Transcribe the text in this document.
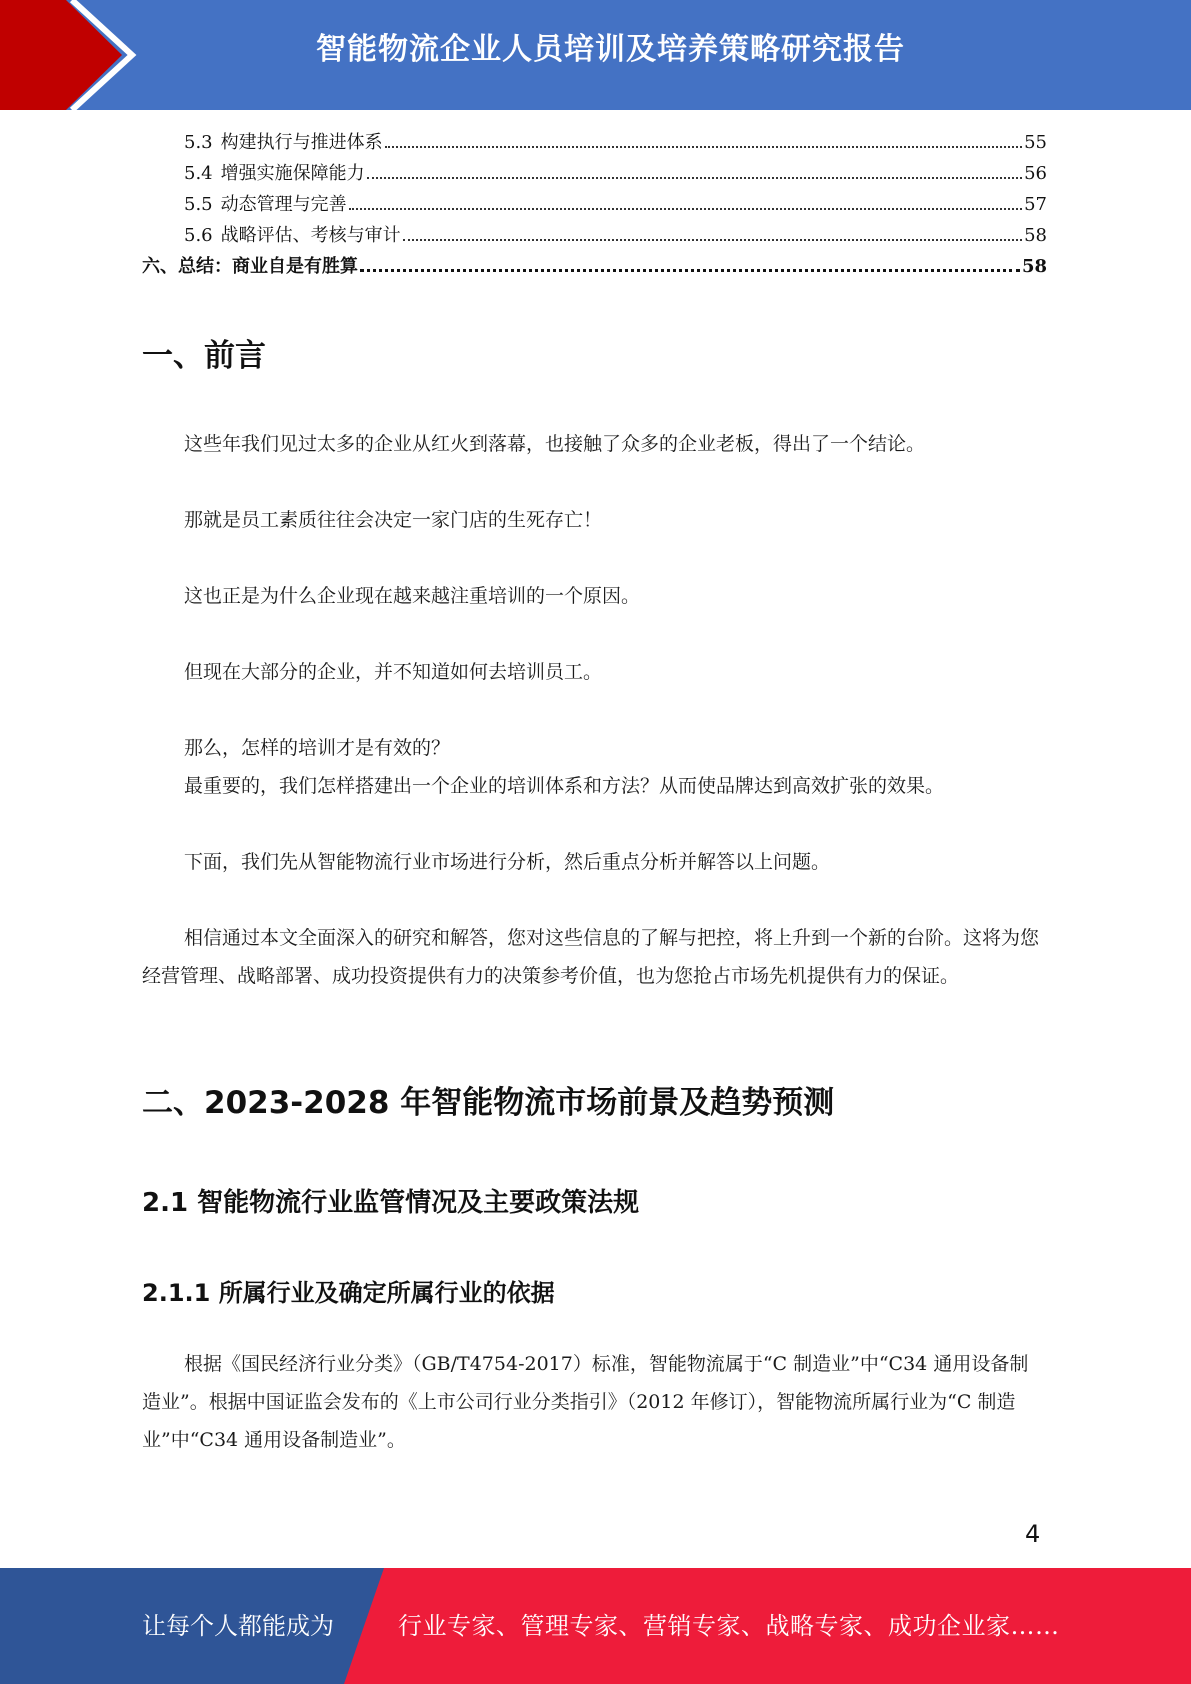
智能物流企业人员培训及培养策略研究报告
5.3 构建执行与推进体系	55
5.4 增强实施保障能力	56
5.5 动态管理与完善	57
5.6 战略评估、考核与审计	58
六、总结：商业自是有胜算	58
一、前言

这些年我们见过太多的企业从红火到落幕，也接触了众多的企业老板，得出了一个结论。

那就是员工素质往往会决定一家门店的生死存亡！

这也正是为什么企业现在越来越注重培训的一个原因。

但现在大部分的企业，并不知道如何去培训员工。

那么，怎样的培训才是有效的？

最重要的，我们怎样搭建出一个企业的培训体系和方法？从而使品牌达到高效扩张的效果。

下面，我们先从智能物流行业市场进行分析，然后重点分析并解答以上问题。

相信通过本文全面深入的研究和解答，您对这些信息的了解与把控，将上升到一个新的台阶。这将为您经营管理、战略部署、成功投资提供有力的决策参考价值，也为您抢占市场先机提供有力的保证。

二、2023-2028 年智能物流市场前景及趋势预测
2.1 智能物流行业监管情况及主要政策法规
2.1.1 所属行业及确定所属行业的依据

根据《国民经济行业分类》（GB/T4754-2017）标准，智能物流属于“C 制造业”中“C34 通用设备制造业”。根据中国证监会发布的《上市公司行业分类指引》（2012 年修订），智能物流所属行业为“C 制造业”中“C34 通用设备制造业”。

4
让每个人都能成为	行业专家、管理专家、营销专家、战略专家、成功企业家……
